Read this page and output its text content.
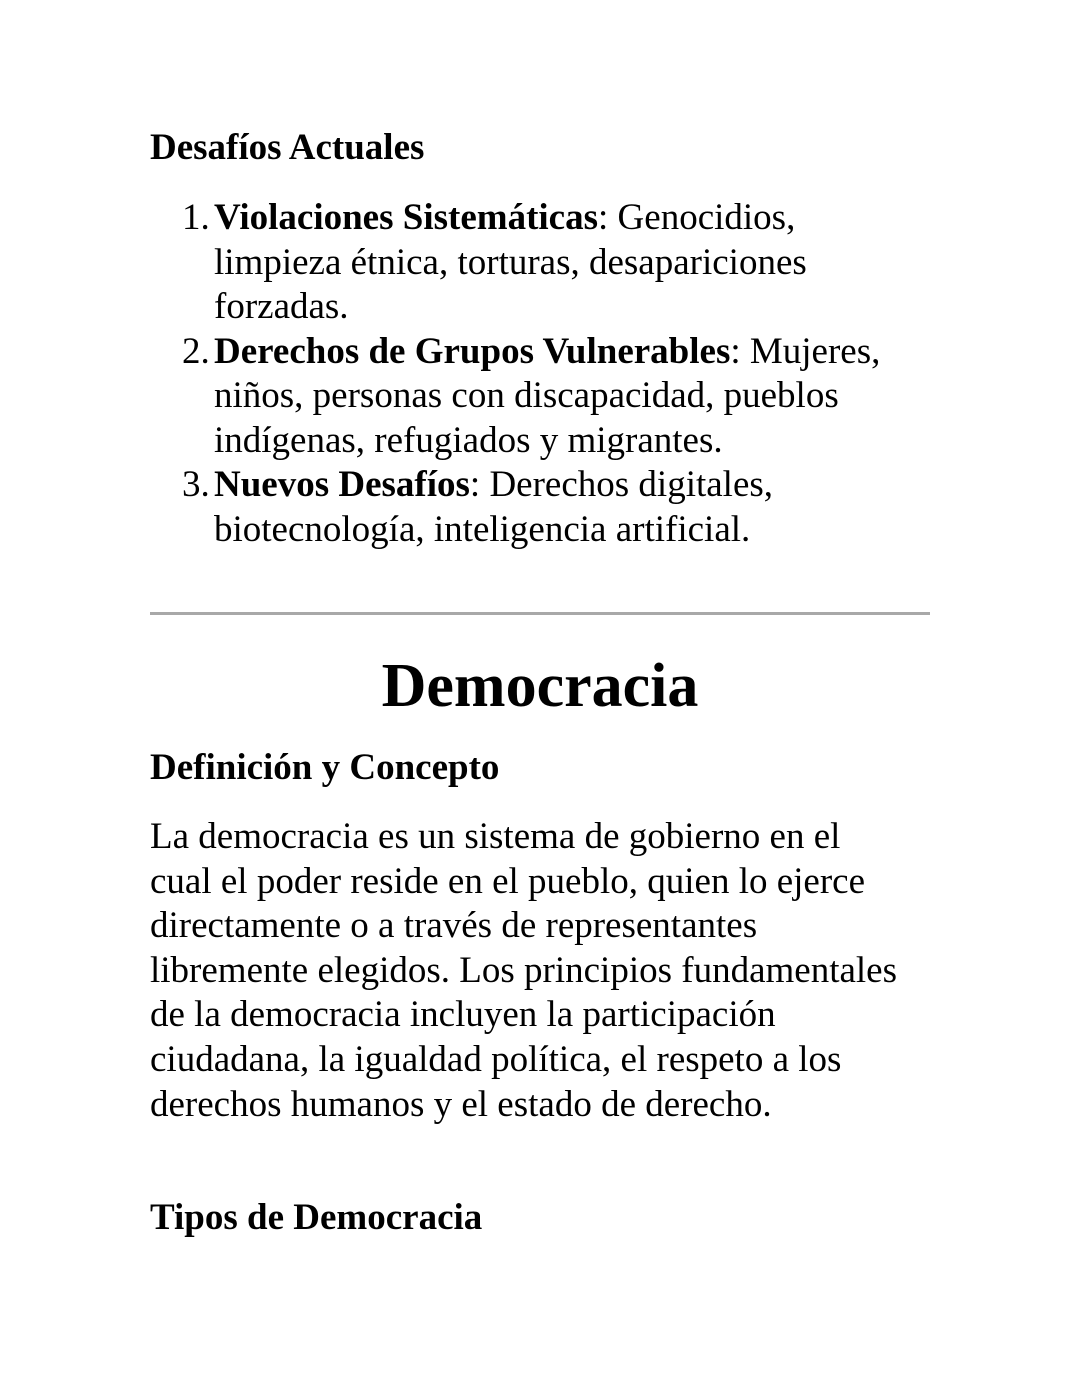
Desafíos Actuales
1. Violaciones Sistemáticas: Genocidios, limpieza étnica, torturas, desapariciones forzadas.
2. Derechos de Grupos Vulnerables: Mujeres, niños, personas con discapacidad, pueblos indígenas, refugiados y migrantes.
3. Nuevos Desafíos: Derechos digitales, biotecnología, inteligencia artificial.
Democracia
Definición y Concepto

La democracia es un sistema de gobierno en el cual el poder reside en el pueblo, quien lo ejerce directamente o a través de representantes libremente elegidos. Los principios fundamentales de la democracia incluyen la participación ciudadana, la igualdad política, el respeto a los derechos humanos y el estado de derecho.

Tipos de Democracia
